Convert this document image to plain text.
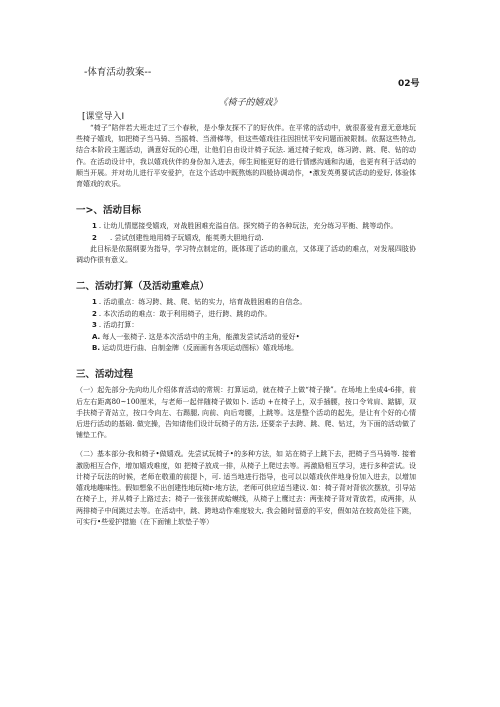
-体育活动教案--
02号
《椅子的嬉戏》
[课堂导入I

“椅子”陪伴若大班走过了三个春秋，是小挚友探不了的好伙伴。在平常的活动中，就很喜爱有意无意地玩些椅子嬉戏，如把椅子当马骑、当摇椅、当滑梯等，但这些嬉戏往往因担忧平安问题而被限制。依据这些特点,结合本阶段主题活动，满意好玩的心理，让他们自由设计椅子玩法. 通过椅子蛇戏，练习跨、跳、爬、钻的动作。在活动设计中，我以嬉戏伙伴的身份加入进去，师生间能更好的进行情感沟通和沟通，也更有利于活动的顺当开展。并对幼儿进行平安爱护，在这个活动中既熬炼的四般协调动作，•激发英勇要试活动的爱好, 体验体育嬉戏的欢乐。

一>、活动目标
1 . 让幼儿情愿接受嬉戏，对战胜困难充溢自信。探究椅子的各种玩法，充分练习平衡、跳等动作。
2 . 尝试创建性地用椅子玩嬉戏，能英勇大胆地行动.

此目标是依据纲要为指导，学习特点制定的，既体现了活动的重点，又体现了活动的难点，对发展四肢协调动作很有意义。

二、活动打算（及活动重难点）
1 . 活动重点：练习跨、跳、爬、钻的实力，培育战胜困难的自信念。
2 . 本次活动的难点：敢于利用椅子，进行跨、跳的动作。
3 . 活动打算：
A. 每人一张椅子. 这是本次活动中的主角，能激发尝试活动的爱好•
B. 运动员进行曲、自制金牌（反面画有各项运动图标）嬉戏场地。
三、活动过程

（一）起先部分-先向幼儿介绍体育活动的常规：打算运动，就在椅子上做“椅子操”。在场地上坐成4-6排，前后左右距离80~100厘米，与老师一起伴随椅子做如卜. 活动 +在椅子上，双手插腰，按口令耸肩、踮脚，双手扶椅子背站立，按口令向左、右踢腿, 向前、向后弯腰，上跳等。这是整个活动的起先，是让有个好的心情后进行活动的基础. 做完操，告知请他们设计玩椅子的方法, 还要亲子去跨、跳、爬、钻过，为下面的活动做了铺垫工作。

（二）基本部分-我和椅子•做嬉戏。先尝试玩椅子•的多种方法，如 站在椅子上跳下去，把椅子当马骑等. 接着激励相互合作，增加嬉戏难度，如 把椅子放成一排，从椅子上爬过去等。再激励相互学习，进行多种尝试。设计椅子玩法的时候，老师在敬重的前提卜，可. 适当地进行指导，也可以以嬉戏伙伴地身份加入进去，以增加嬉戏地趣味性。假如想象不出创建性地玩椅r-地方法，老师可供应适当建议. 如：椅子背对背依次摆放，引导站在椅子上，并从椅子上路过去；椅子一张张拼成蛤蟆线，从椅子上鹰过去：两张椅子背对背放若，成两排，从两排椅子中间跳过去等。在活动中，跳、跨地动作难度较大, 我会随时留意的平安，假如站在较高处往下跳，可实行•些爱护措施（在下面铺上软垫子等）
